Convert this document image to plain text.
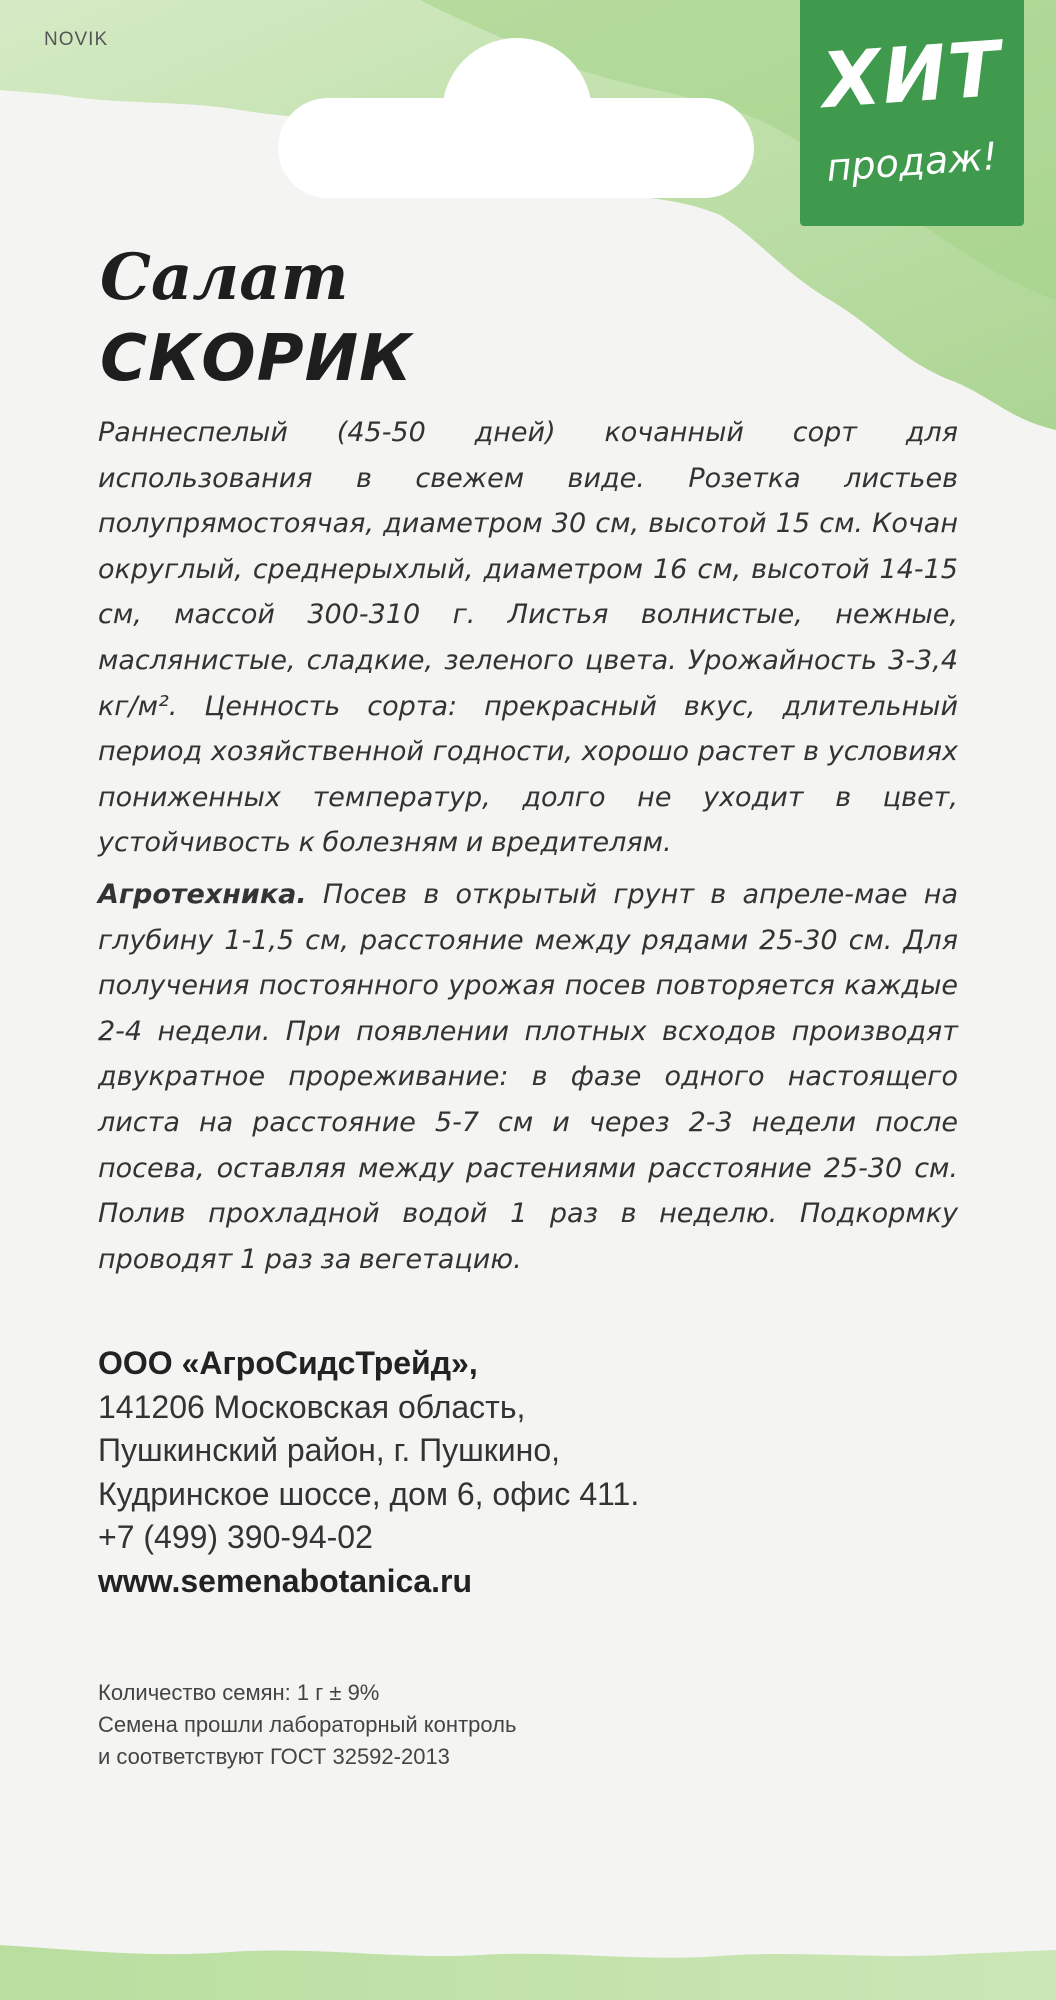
NOVIK	ХИТ
продаж!
Салат
СКОРИК
Раннеспелый (45-50 дней) кочанный сорт для использования в свежем виде. Розетка листьев полупрямостоячая, диаметром 30 см, высотой 15 см. Кочан округлый, среднерыхлый, диаметром 16 см, высотой 14-15 см, массой 300-310 г. Листья волнистые, нежные, маслянистые, сладкие, зеленого цвета. Урожайность 3-3,4 кг/м². Ценность сорта: прекрасный вкус, длительный период хозяйственной годности, хорошо растет в условиях пониженных температур, долго не уходит в цвет, устойчивость к болезням и вредителям.
Агротехника. Посев в открытый грунт в апреле-мае на глубину 1-1,5 см, расстояние между рядами 25-30 см. Для получения постоянного урожая посев повторяется каждые 2-4 недели. При появлении плотных всходов производят двукратное прореживание: в фазе одного настоящего листа на расстояние 5-7 см и через 2-3 недели после посева, оставляя между растениями расстояние 25-30 см. Полив прохладной водой 1 раз в неделю. Подкормку проводят 1 раз за вегетацию.
ООО «АгроСидсТрейд»,
141206 Московская область,
Пушкинский район, г. Пушкино,
Кудринское шоссе, дом 6, офис 411.
+7 (499) 390-94-02
www.semenabotanica.ru
Количество семян: 1 г ± 9%
Семена прошли лабораторный контроль
и соответствуют ГОСТ 32592-2013
